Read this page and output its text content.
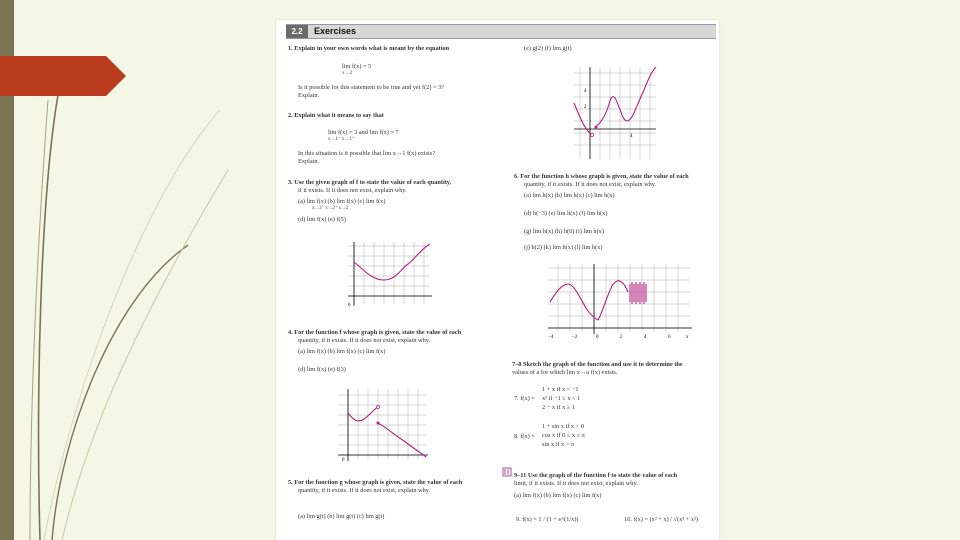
2.2	Exercises
1. Explain in your own words what is meant by the equation
lim f(x) = 5
x→2
Is it possible for this statement to be true and yet f(2) = 3?
Explain.
2. Explain what it means to say that
lim f(x) = 3 and lim f(x) = 7
x→1⁻ x→1⁺
In this situation is it possible that lim x→1 f(x) exists?
Explain.
3. Use the given graph of f to state the value of each quantity,
if it exists. If it does not exist, explain why.
(a) lim f(x) (b) lim f(x) (c) lim f(x)
x→2⁻ x→2⁺ x→2
(d) lim f(x) (e) f(5)
0
4. For the function f whose graph is given, state the value of each
quantity, if it exists. If it does not exist, explain why.
(a) lim f(x) (b) lim f(x) (c) lim f(x)
(d) lim f(x) (e) f(3)
0
5. For the function g whose graph is given, state the value of each
quantity, if it exists. If it does not exist, explain why.
(a) lim g(t) (b) lim g(t) (c) lim g(t)
(e) g(2) (f) lim g(t)
4
2
4
6. For the function h whose graph is given, state the value of each
quantity, if it exists. If it does not exist, explain why.
(a) lim h(x) (b) lim h(x) (c) lim h(x)
(d) h(−3) (e) lim h(x) (f) lim h(x)
(g) lim h(x) (h) h(0) (i) lim h(x)
(j) h(2) (k) lim h(x) (l) lim h(x)
−4	−2	0	2	4	6	x
7–8 Sketch the graph of the function and use it to determine the
values of a for which lim x→a f(x) exists.
7. f(x) =
1 + x if x < −1
x² if −1 ≤ x < 1
2 − x if x ≥ 1
8. f(x) =
1 + sin x if x < 0
cos x if 0 ≤ x ≤ π
sin x if x > π
9–11 Use the graph of the function f to state the value of each
limit, if it exists. If it does not exist, explain why.
(a) lim f(x) (b) lim f(x) (c) lim f(x)
9. f(x) = 1 / (1 + e^(1/x))	10. f(x) = (x² + x) / √(x³ + x²)
